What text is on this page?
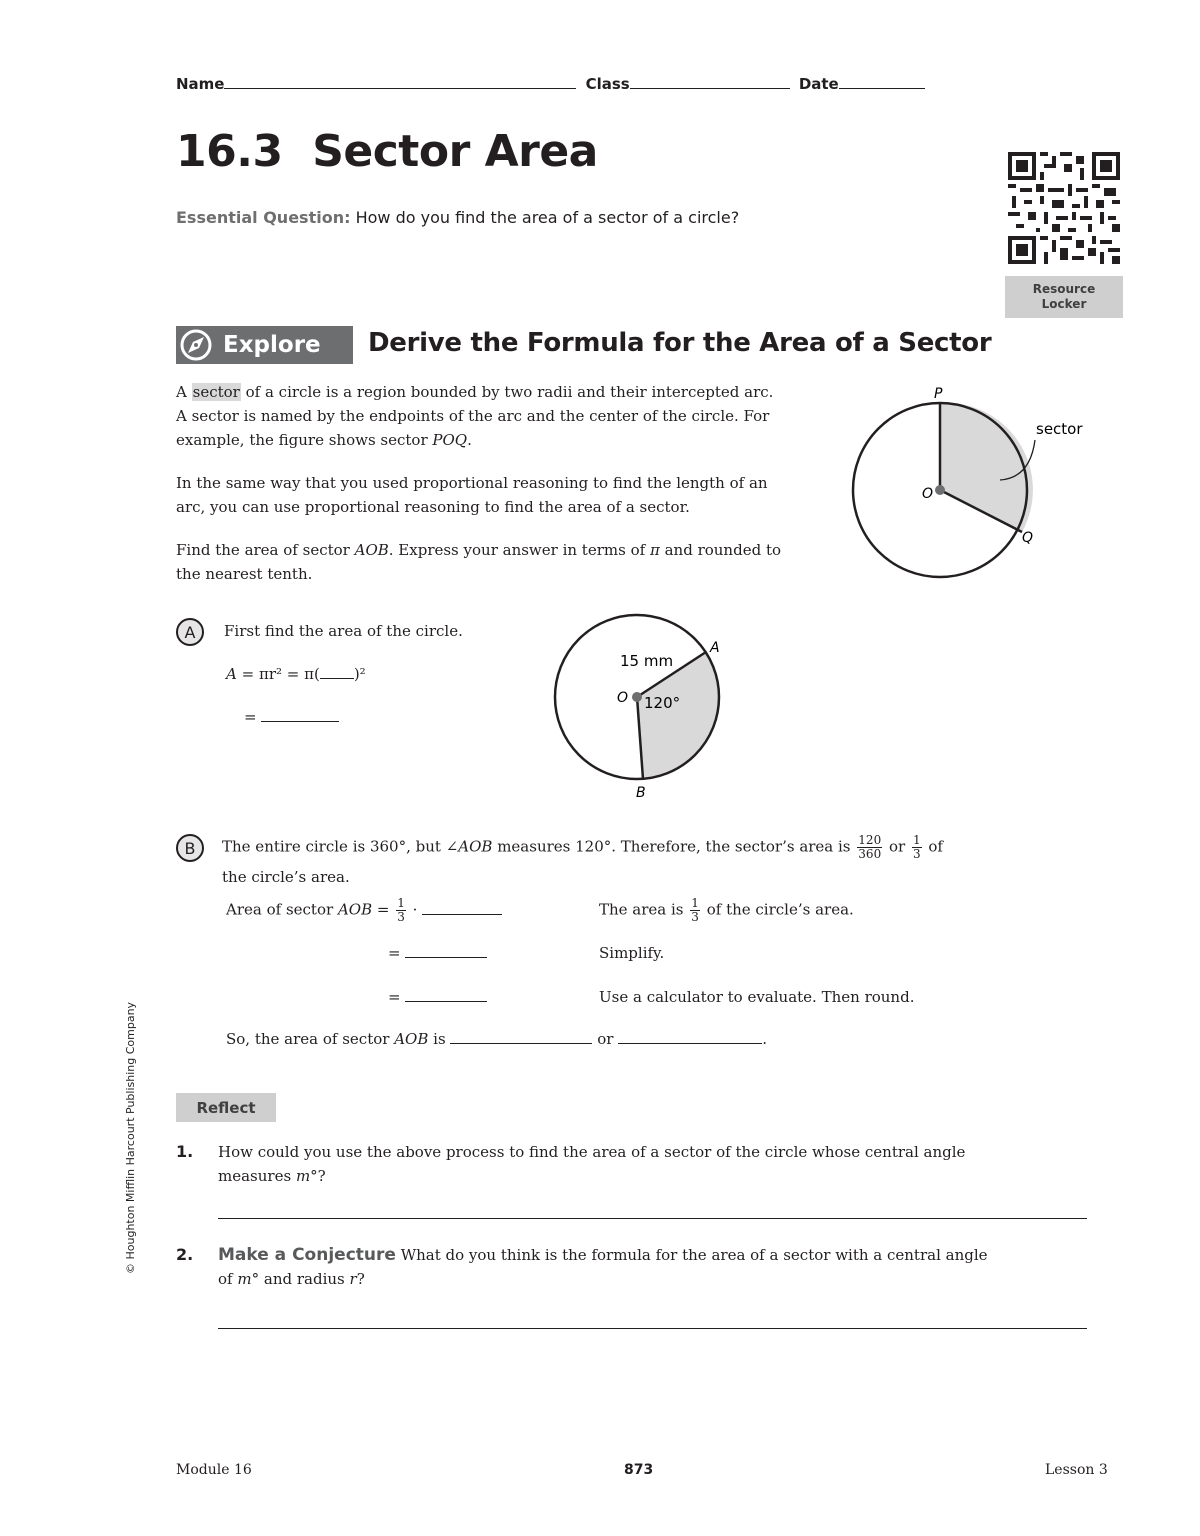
Name	Class	Date
16.3  Sector Area
Essential Question: How do you find the area of a sector of a circle?
Resource
Locker
Explore Derive the Formula for the Area of a Sector
A sector of a circle is a region bounded by two radii and their intercepted arc.
A sector is named by the endpoints of the arc and the center of the circle. For
example, the figure shows sector POQ.
In the same way that you used proportional reasoning to find the length of an
arc, you can use proportional reasoning to find the area of a sector.
Find the area of sector AOB. Express your answer in terms of π and rounded to
the nearest tenth.
P
O
Q
sector
A	First find the area of the circle.
A = πr² = π( )²
=
15 mm
120°
O
A
B
B	The entire circle is 360°, but ∠AOB measures 120°. Therefore, the sector’s area is $\frac{120}{360}$ or $\frac{1}{3}$ of
the circle’s area.
Area of sector AOB = $\frac{1}{3}$ ·	The area is $\frac{1}{3}$ of the circle’s area.
=	Simplify.
=	Use a calculator to evaluate. Then round.
So, the area of sector AOB is	or	.
Reflect
1. How could you use the above process to find the area of a sector of the circle whose central angle
measures m°?
2. Make a Conjecture What do you think is the formula for the area of a sector with a central angle
of m° and radius r?
© Houghton Mifflin Harcourt Publishing Company
Module 16	873	Lesson 3
